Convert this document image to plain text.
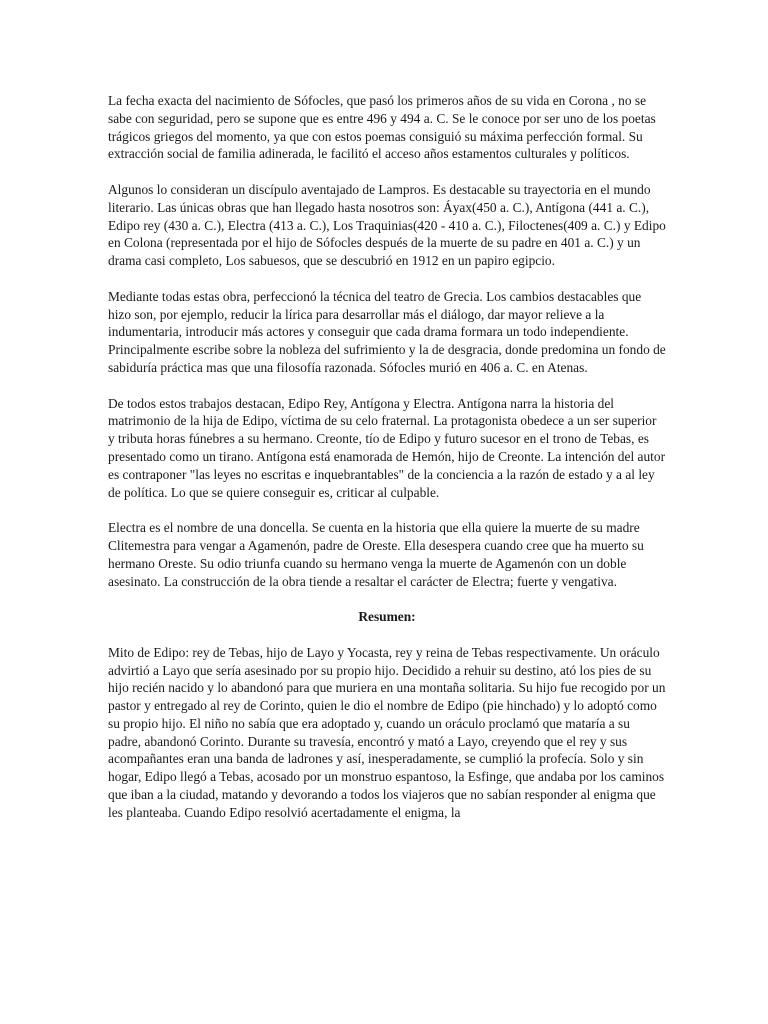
La fecha exacta del nacimiento de Sófocles, que pasó los primeros años de su vida en Corona , no se sabe con seguridad, pero se supone que es entre 496 y 494 a. C. Se le conoce por ser uno de los poetas trágicos griegos del momento, ya que con estos poemas consiguió su máxima perfección formal. Su extracción social de familia adinerada, le facilitó el acceso años estamentos culturales y políticos.

Algunos lo consideran un discípulo aventajado de Lampros. Es destacable su trayectoria en el mundo literario. Las únicas obras que han llegado hasta nosotros son: Áyax(450 a. C.), Antígona (441 a. C.), Edipo rey (430 a. C.), Electra (413 a. C.), Los Traquinias(420 - 410 a. C.), Filoctenes(409 a. C.) y Edipo en Colona (representada por el hijo de Sófocles después de la muerte de su padre en 401 a. C.) y un drama casi completo, Los sabuesos, que se descubrió en 1912 en un papiro egipcio.

Mediante todas estas obra, perfeccionó la técnica del teatro de Grecia. Los cambios destacables que hizo son, por ejemplo, reducir la lírica para desarrollar más el diálogo, dar mayor relieve a la indumentaria, introducir más actores y conseguir que cada drama formara un todo independiente. Principalmente escribe sobre la nobleza del sufrimiento y la de desgracia, donde predomina un fondo de sabiduría práctica mas que una filosofía razonada. Sófocles murió en 406 a. C. en Atenas.

De todos estos trabajos destacan, Edipo Rey, Antígona y Electra. Antígona narra la historia del matrimonio de la hija de Edipo, víctima de su celo fraternal. La protagonista obedece a un ser superior y tributa horas fúnebres a su hermano. Creonte, tío de Edipo y futuro sucesor en el trono de Tebas, es presentado como un tirano. Antígona está enamorada de Hemón, hijo de Creonte. La intención del autor es contraponer "las leyes no escritas e inquebrantables" de la conciencia a la razón de estado y a al ley de política. Lo que se quiere conseguir es, criticar al culpable.

Electra es el nombre de una doncella. Se cuenta en la historia que ella quiere la muerte de su madre Clitemestra para vengar a Agamenón, padre de Oreste. Ella desespera cuando cree que ha muerto su hermano Oreste. Su odio triunfa cuando su hermano venga la muerte de Agamenón con un doble asesinato. La construcción de la obra tiende a resaltar el carácter de Electra; fuerte y vengativa.

Resumen:

Mito de Edipo: rey de Tebas, hijo de Layo y Yocasta, rey y reina de Tebas respectivamente. Un oráculo advirtió a Layo que sería asesinado por su propio hijo. Decidido a rehuir su destino, ató los pies de su hijo recién nacido y lo abandonó para que muriera en una montaña solitaria. Su hijo fue recogido por un pastor y entregado al rey de Corinto, quien le dio el nombre de Edipo (pie hinchado) y lo adoptó como su propio hijo. El niño no sabía que era adoptado y, cuando un oráculo proclamó que mataría a su padre, abandonó Corinto. Durante su travesía, encontró y mató a Layo, creyendo que el rey y sus acompañantes eran una banda de ladrones y así, inesperadamente, se cumplió la profecía. Solo y sin hogar, Edipo llegó a Tebas, acosado por un monstruo espantoso, la Esfinge, que andaba por los caminos que iban a la ciudad, matando y devorando a todos los viajeros que no sabían responder al enigma que les planteaba. Cuando Edipo resolvió acertadamente el enigma, la
